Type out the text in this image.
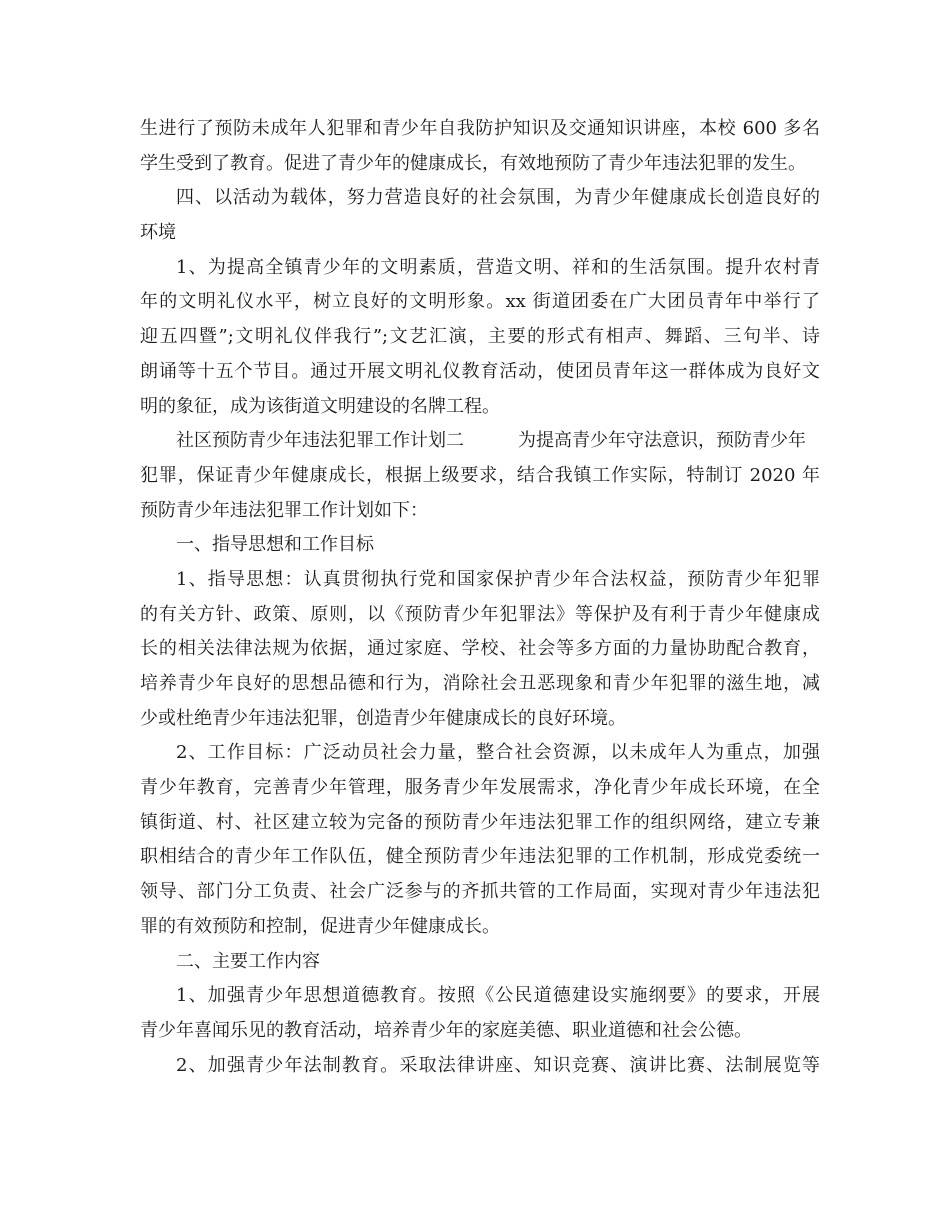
生进行了预防未成年人犯罪和青少年自我防护知识及交通知识讲座，本校 600 多名
学生受到了教育。促进了青少年的健康成长，有效地预防了青少年违法犯罪的发生。
四、以活动为载体，努力营造良好的社会氛围，为青少年健康成长创造良好的
环境
1、为提高全镇青少年的文明素质，营造文明、祥和的生活氛围。提升农村青
年的文明礼仪水平，树立良好的文明形象。xx 街道团委在广大团员青年中举行了
迎五四暨”;文明礼仪伴我行”;文艺汇演，主要的形式有相声、舞蹈、三句半、诗
朗诵等十五个节目。通过开展文明礼仪教育活动，使团员青年这一群体成为良好文
明的象征，成为该街道文明建设的名牌工程。
社区预防青少年违法犯罪工作计划二	为提高青少年守法意识，预防青少年
犯罪，保证青少年健康成长，根据上级要求，结合我镇工作实际，特制订 2020 年
预防青少年违法犯罪工作计划如下：
一、指导思想和工作目标
1、指导思想：认真贯彻执行党和国家保护青少年合法权益，预防青少年犯罪
的有关方针、政策、原则，以《预防青少年犯罪法》等保护及有利于青少年健康成
长的相关法律法规为依据，通过家庭、学校、社会等多方面的力量协助配合教育，
培养青少年良好的思想品德和行为，消除社会丑恶现象和青少年犯罪的滋生地，减
少或杜绝青少年违法犯罪，创造青少年健康成长的良好环境。
2、工作目标：广泛动员社会力量，整合社会资源，以未成年人为重点，加强
青少年教育，完善青少年管理，服务青少年发展需求，净化青少年成长环境，在全
镇街道、村、社区建立较为完备的预防青少年违法犯罪工作的组织网络，建立专兼
职相结合的青少年工作队伍，健全预防青少年违法犯罪的工作机制，形成党委统一
领导、部门分工负责、社会广泛参与的齐抓共管的工作局面，实现对青少年违法犯
罪的有效预防和控制，促进青少年健康成长。
二、主要工作内容
1、加强青少年思想道德教育。按照《公民道德建设实施纲要》的要求，开展
青少年喜闻乐见的教育活动，培养青少年的家庭美德、职业道德和社会公德。
2、加强青少年法制教育。采取法律讲座、知识竞赛、演讲比赛、法制展览等
